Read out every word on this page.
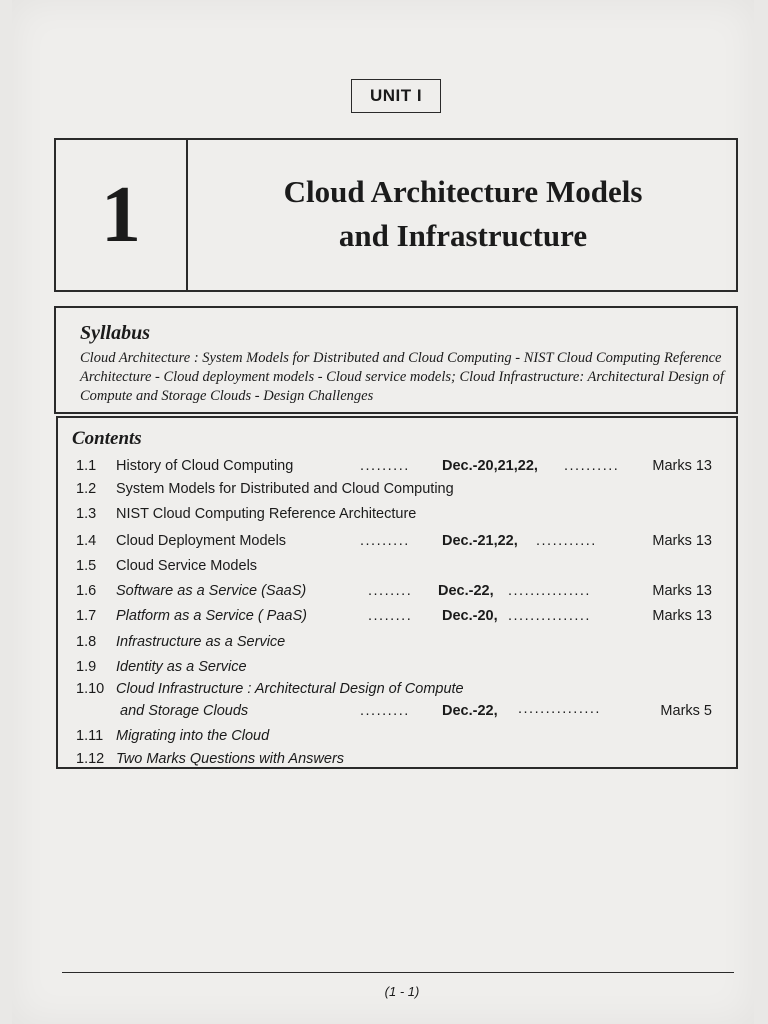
UNIT I
1	Cloud Architecture Models
and Infrastructure
Syllabus
Cloud Architecture : System Models for Distributed and Cloud Computing - NIST Cloud Computing Reference Architecture - Cloud deployment models - Cloud service models; Cloud Infrastructure: Architectural Design of Compute and Storage Clouds - Design Challenges
Contents
1.1 History of Cloud Computing	......... Dec.-20,21,22, .......... Marks 13
1.2 System Models for Distributed and Cloud Computing
1.3 NIST Cloud Computing Reference Architecture
1.4 Cloud Deployment Models	......... Dec.-21,22, ...........	Marks 13
1.5 Cloud Service Models
1.6 Software as a Service (SaaS)	........ Dec.-22, ...............	Marks 13
1.7 Platform as a Service ( PaaS)	........ Dec.-20, ...............	Marks 13
1.8 Infrastructure as a Service
1.9 Identity as a Service
1.10 Cloud Infrastructure : Architectural Design of Compute
and Storage Clouds	......... Dec.-22, ...............	Marks 5
1.11 Migrating into the Cloud
1.12 Two Marks Questions with Answers
(1 - 1)
